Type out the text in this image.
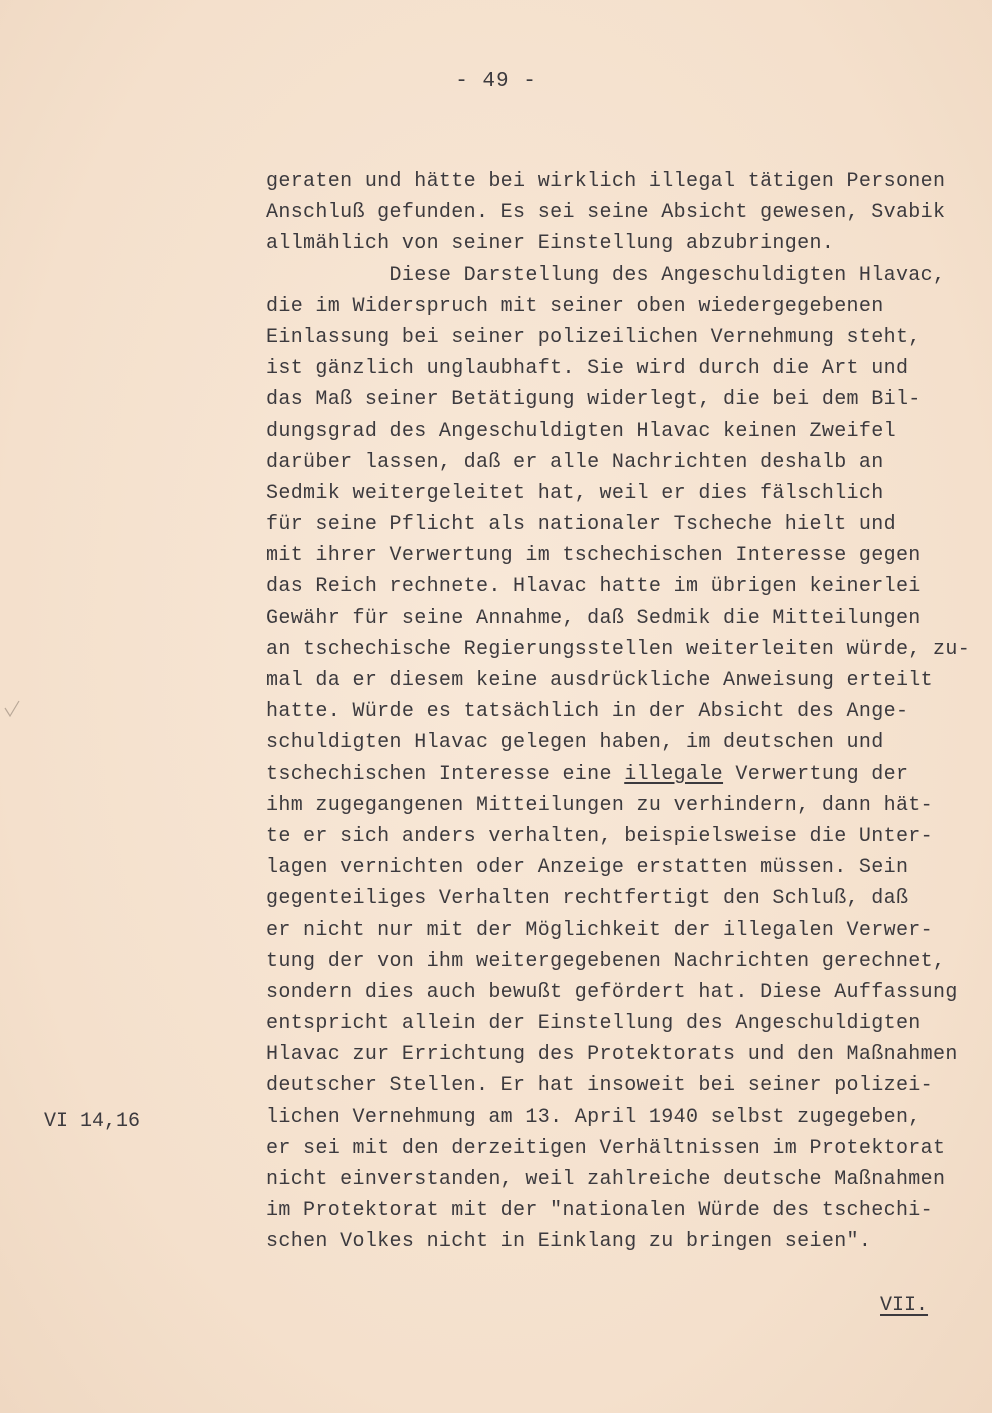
- 49 -
geraten und hätte bei wirklich illegal tätigen Personen
Anschluß gefunden. Es sei seine Absicht gewesen, Svabik
allmählich von seiner Einstellung abzubringen.
Diese Darstellung des Angeschuldigten Hlavac,
die im Widerspruch mit seiner oben wiedergegebenen
Einlassung bei seiner polizeilichen Vernehmung steht,
ist gänzlich unglaubhaft. Sie wird durch die Art und
das Maß seiner Betätigung widerlegt, die bei dem Bil-
dungsgrad des Angeschuldigten Hlavac keinen Zweifel
darüber lassen, daß er alle Nachrichten deshalb an
Sedmik weitergeleitet hat, weil er dies fälschlich
für seine Pflicht als nationaler Tscheche hielt und
mit ihrer Verwertung im tschechischen Interesse gegen
das Reich rechnete. Hlavac hatte im übrigen keinerlei
Gewähr für seine Annahme, daß Sedmik die Mitteilungen
an tschechische Regierungsstellen weiterleiten würde, zu-
mal da er diesem keine ausdrückliche Anweisung erteilt
hatte. Würde es tatsächlich in der Absicht des Ange-
schuldigten Hlavac gelegen haben, im deutschen und
tschechischen Interesse eine illegale Verwertung der
ihm zugegangenen Mitteilungen zu verhindern, dann hät-
te er sich anders verhalten, beispielsweise die Unter-
lagen vernichten oder Anzeige erstatten müssen. Sein
gegenteiliges Verhalten rechtfertigt den Schluß, daß
er nicht nur mit der Möglichkeit der illegalen Verwer-
tung der von ihm weitergegebenen Nachrichten gerechnet,
sondern dies auch bewußt gefördert hat. Diese Auffassung
entspricht allein der Einstellung des Angeschuldigten
Hlavac zur Errichtung des Protektorats und den Maßnahmen
deutscher Stellen. Er hat insoweit bei seiner polizei-
lichen Vernehmung am 13. April 1940 selbst zugegeben,
er sei mit den derzeitigen Verhältnissen im Protektorat
nicht einverstanden, weil zahlreiche deutsche Maßnahmen
im Protektorat mit der "nationalen Würde des tschechi-
schen Volkes nicht in Einklang zu bringen seien".
VI 14,16
VII.
